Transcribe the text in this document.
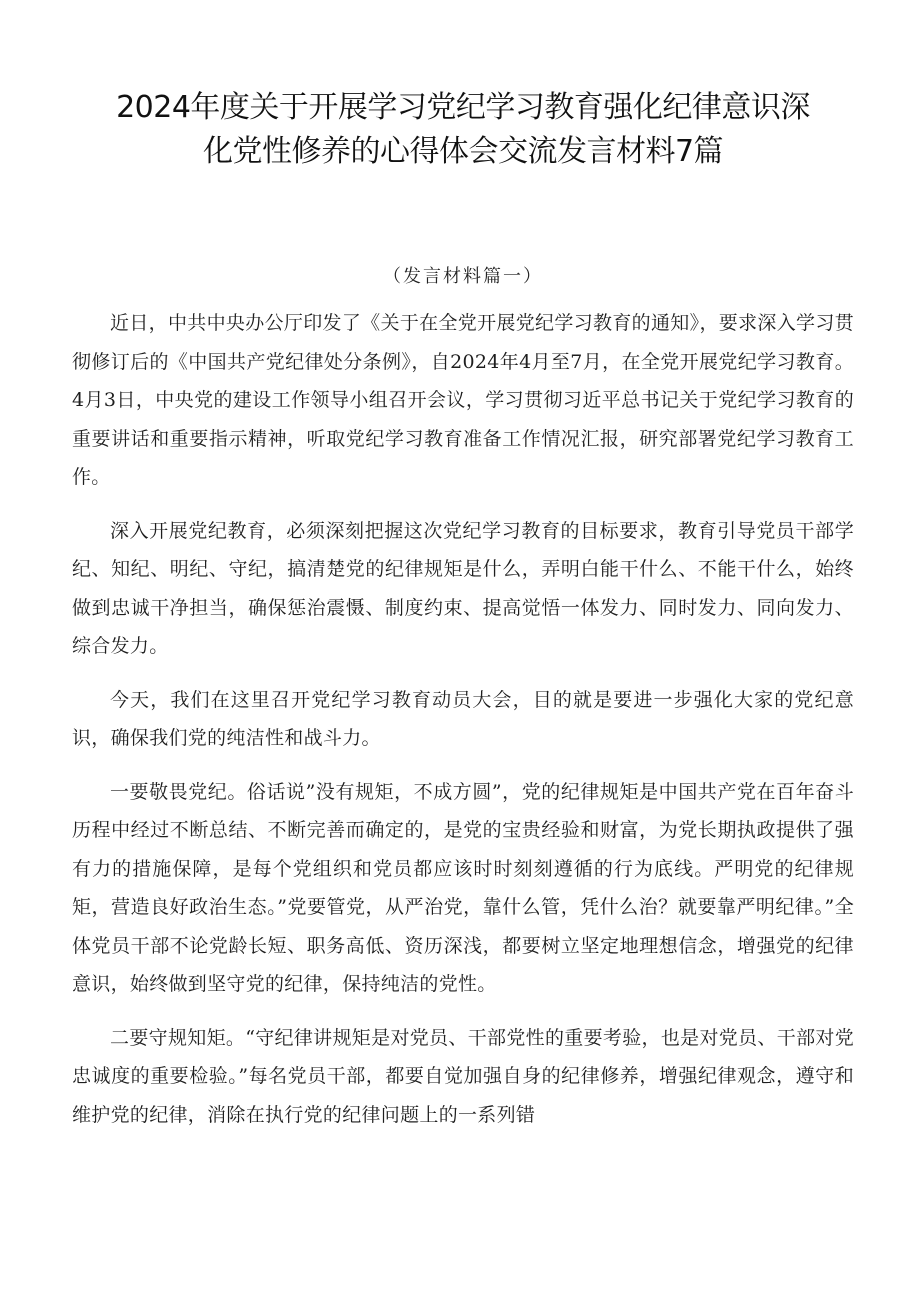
2024年度关于开展学习党纪学习教育强化纪律意识深
化党性修养的心得体会交流发言材料7篇
（发言材料篇一）

近日，中共中央办公厅印发了《关于在全党开展党纪学习教育的通知》，要求深入学习贯彻修订后的《中国共产党纪律处分条例》，自2024年4月至7月，在全党开展党纪学习教育。4月3日，中央党的建设工作领导小组召开会议，学习贯彻习近平总书记关于党纪学习教育的重要讲话和重要指示精神，听取党纪学习教育准备工作情况汇报，研究部署党纪学习教育工作。

深入开展党纪教育，必须深刻把握这次党纪学习教育的目标要求，教育引导党员干部学纪、知纪、明纪、守纪，搞清楚党的纪律规矩是什么，弄明白能干什么、不能干什么，始终做到忠诚干净担当，确保惩治震慑、制度约束、提高觉悟一体发力、同时发力、同向发力、综合发力。

今天，我们在这里召开党纪学习教育动员大会，目的就是要进一步强化大家的党纪意识，确保我们党的纯洁性和战斗力。

一要敬畏党纪。俗话说”没有规矩，不成方圆”，党的纪律规矩是中国共产党在百年奋斗历程中经过不断总结、不断完善而确定的，是党的宝贵经验和财富，为党长期执政提供了强有力的措施保障，是每个党组织和党员都应该时时刻刻遵循的行为底线。严明党的纪律规矩，营造良好政治生态。”党要管党，从严治党，靠什么管，凭什么治？就要靠严明纪律。”全体党员干部不论党龄长短、职务高低、资历深浅，都要树立坚定地理想信念，增强党的纪律意识，始终做到坚守党的纪律，保持纯洁的党性。

二要守规知矩。“守纪律讲规矩是对党员、干部党性的重要考验，也是对党员、干部对党忠诚度的重要检验。”每名党员干部，都要自觉加强自身的纪律修养，增强纪律观念，遵守和维护党的纪律，消除在执行党的纪律问题上的一系列错
